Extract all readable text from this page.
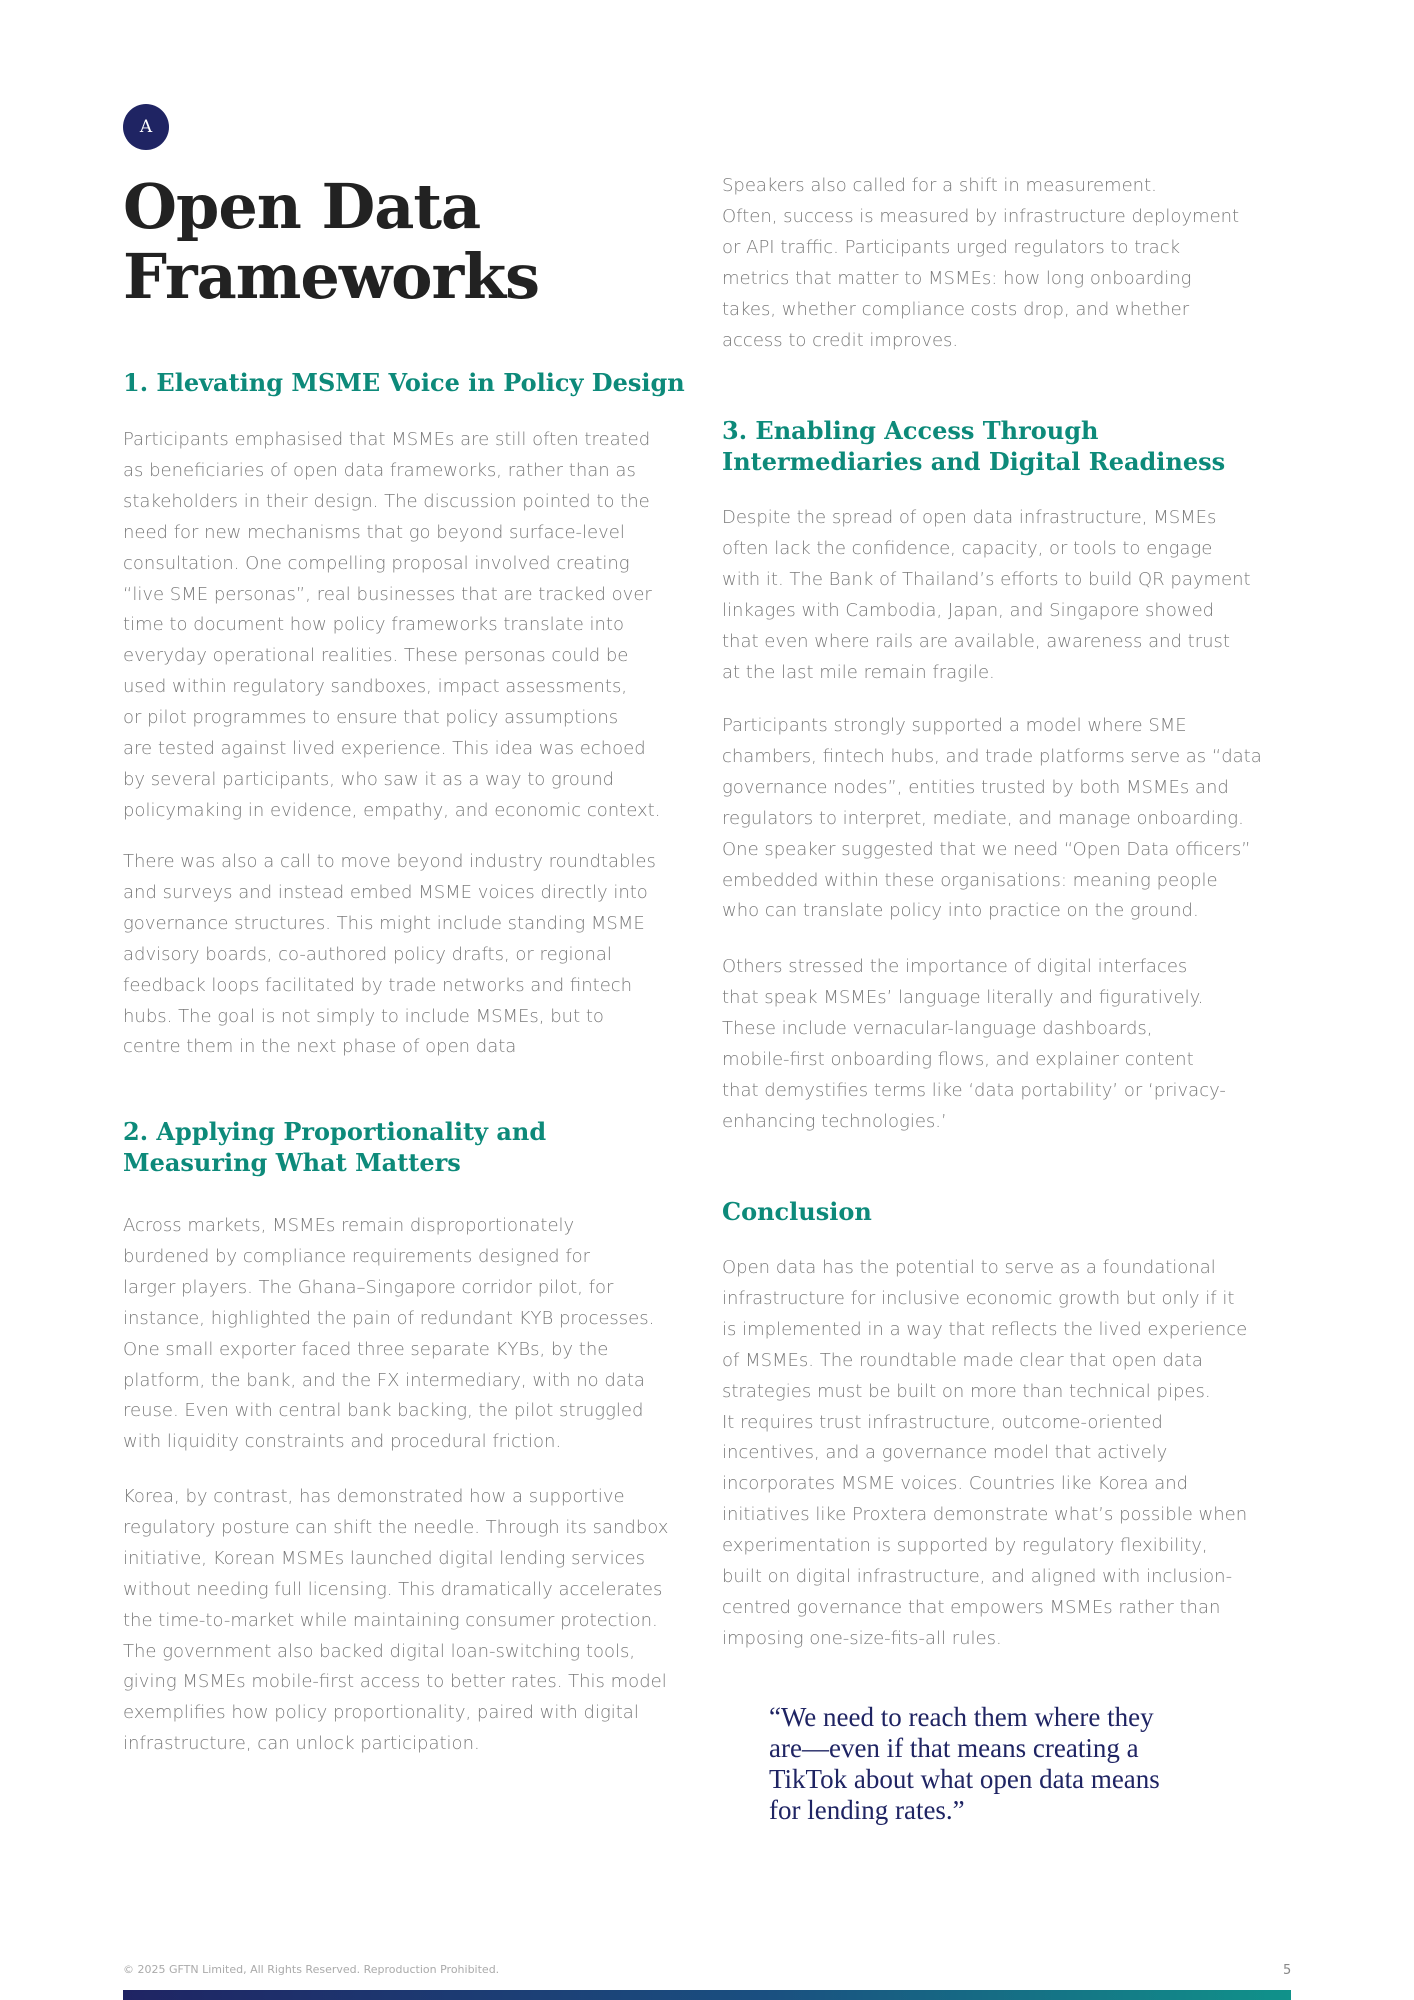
A
Open Data
Frameworks
1. Elevating MSME Voice in Policy Design

Participants emphasised that MSMEs are still often treated
as beneficiaries of open data frameworks, rather than as
stakeholders in their design. The discussion pointed to the
need for new mechanisms that go beyond surface-level
consultation. One compelling proposal involved creating
“live SME personas”, real businesses that are tracked over
time to document how policy frameworks translate into
everyday operational realities. These personas could be
used within regulatory sandboxes, impact assessments,
or pilot programmes to ensure that policy assumptions
are tested against lived experience. This idea was echoed
by several participants, who saw it as a way to ground
policymaking in evidence, empathy, and economic context.

There was also a call to move beyond industry roundtables
and surveys and instead embed MSME voices directly into
governance structures. This might include standing MSME
advisory boards, co-authored policy drafts, or regional
feedback loops facilitated by trade networks and fintech
hubs. The goal is not simply to include MSMEs, but to
centre them in the next phase of open data

2. Applying Proportionality and
Measuring What Matters

Across markets, MSMEs remain disproportionately
burdened by compliance requirements designed for
larger players. The Ghana–Singapore corridor pilot, for
instance, highlighted the pain of redundant KYB processes.
One small exporter faced three separate KYBs, by the
platform, the bank, and the FX intermediary, with no data
reuse. Even with central bank backing, the pilot struggled
with liquidity constraints and procedural friction.

Korea, by contrast, has demonstrated how a supportive
regulatory posture can shift the needle. Through its sandbox
initiative, Korean MSMEs launched digital lending services
without needing full licensing. This dramatically accelerates
the time-to-market while maintaining consumer protection.
The government also backed digital loan-switching tools,
giving MSMEs mobile-first access to better rates. This model
exemplifies how policy proportionality, paired with digital
infrastructure, can unlock participation.

Speakers also called for a shift in measurement.
Often, success is measured by infrastructure deployment
or API traffic. Participants urged regulators to track
metrics that matter to MSMEs: how long onboarding
takes, whether compliance costs drop, and whether
access to credit improves.

3. Enabling Access Through
Intermediaries and Digital Readiness

Despite the spread of open data infrastructure, MSMEs
often lack the confidence, capacity, or tools to engage
with it. The Bank of Thailand’s efforts to build QR payment
linkages with Cambodia, Japan, and Singapore showed
that even where rails are available, awareness and trust
at the last mile remain fragile.

Participants strongly supported a model where SME
chambers, fintech hubs, and trade platforms serve as “data
governance nodes”, entities trusted by both MSMEs and
regulators to interpret, mediate, and manage onboarding.
One speaker suggested that we need “Open Data officers”
embedded within these organisations: meaning people
who can translate policy into practice on the ground.

Others stressed the importance of digital interfaces
that speak MSMEs’ language literally and figuratively.
These include vernacular-language dashboards,
mobile-first onboarding flows, and explainer content
that demystifies terms like ‘data portability’ or ‘privacy-
enhancing technologies.’

Conclusion

Open data has the potential to serve as a foundational
infrastructure for inclusive economic growth but only if it
is implemented in a way that reflects the lived experience
of MSMEs. The roundtable made clear that open data
strategies must be built on more than technical pipes.
It requires trust infrastructure, outcome-oriented
incentives, and a governance model that actively
incorporates MSME voices. Countries like Korea and
initiatives like Proxtera demonstrate what’s possible when
experimentation is supported by regulatory flexibility,
built on digital infrastructure, and aligned with inclusion-
centred governance that empowers MSMEs rather than
imposing one-size-fits-all rules.

“We need to reach them where they
are—even if that means creating a
TikTok about what open data means
for lending rates.”
© 2025 GFTN Limited, All Rights Reserved. Reproduction Prohibited.	5
